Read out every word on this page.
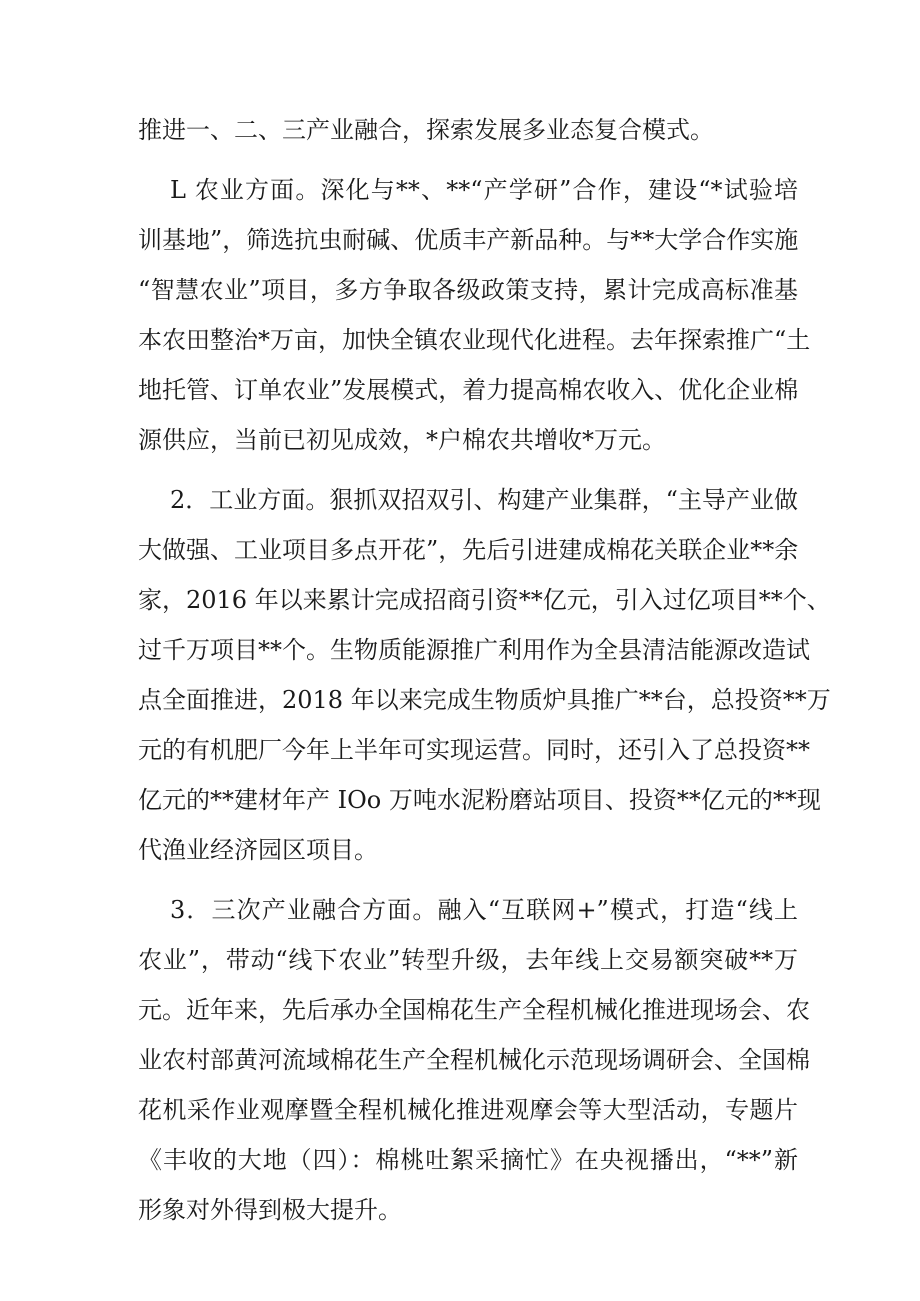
推进一、二、三产业融合，探索发展多业态复合模式。
L 农业方面。深化与**、**“产学研”合作，建设“*试验培
训基地”，筛选抗虫耐碱、优质丰产新品种。与**大学合作实施
“智慧农业”项目，多方争取各级政策支持，累计完成高标准基
本农田整治*万亩，加快全镇农业现代化进程。去年探索推广“土
地托管、订单农业”发展模式，着力提高棉农收入、优化企业棉
源供应，当前已初见成效，*户棉农共增收*万元。
2．工业方面。狠抓双招双引、构建产业集群，“主导产业做
大做强、工业项目多点开花”，先后引进建成棉花关联企业**余
家，2016 年以来累计完成招商引资**亿元，引入过亿项目**个、
过千万项目**个。生物质能源推广利用作为全县清洁能源改造试
点全面推进，2018 年以来完成生物质炉具推广**台，总投资**万
元的有机肥厂今年上半年可实现运营。同时，还引入了总投资**
亿元的**建材年产 IOo 万吨水泥粉磨站项目、投资**亿元的**现
代渔业经济园区项目。
3．三次产业融合方面。融入“互联网+”模式，打造“线上
农业”，带动“线下农业”转型升级，去年线上交易额突破**万
元。近年来，先后承办全国棉花生产全程机械化推进现场会、农
业农村部黄河流域棉花生产全程机械化示范现场调研会、全国棉
花机采作业观摩暨全程机械化推进观摩会等大型活动，专题片
《丰收的大地（四）：棉桃吐絮采摘忙》在央视播出，“**”新
形象对外得到极大提升。
